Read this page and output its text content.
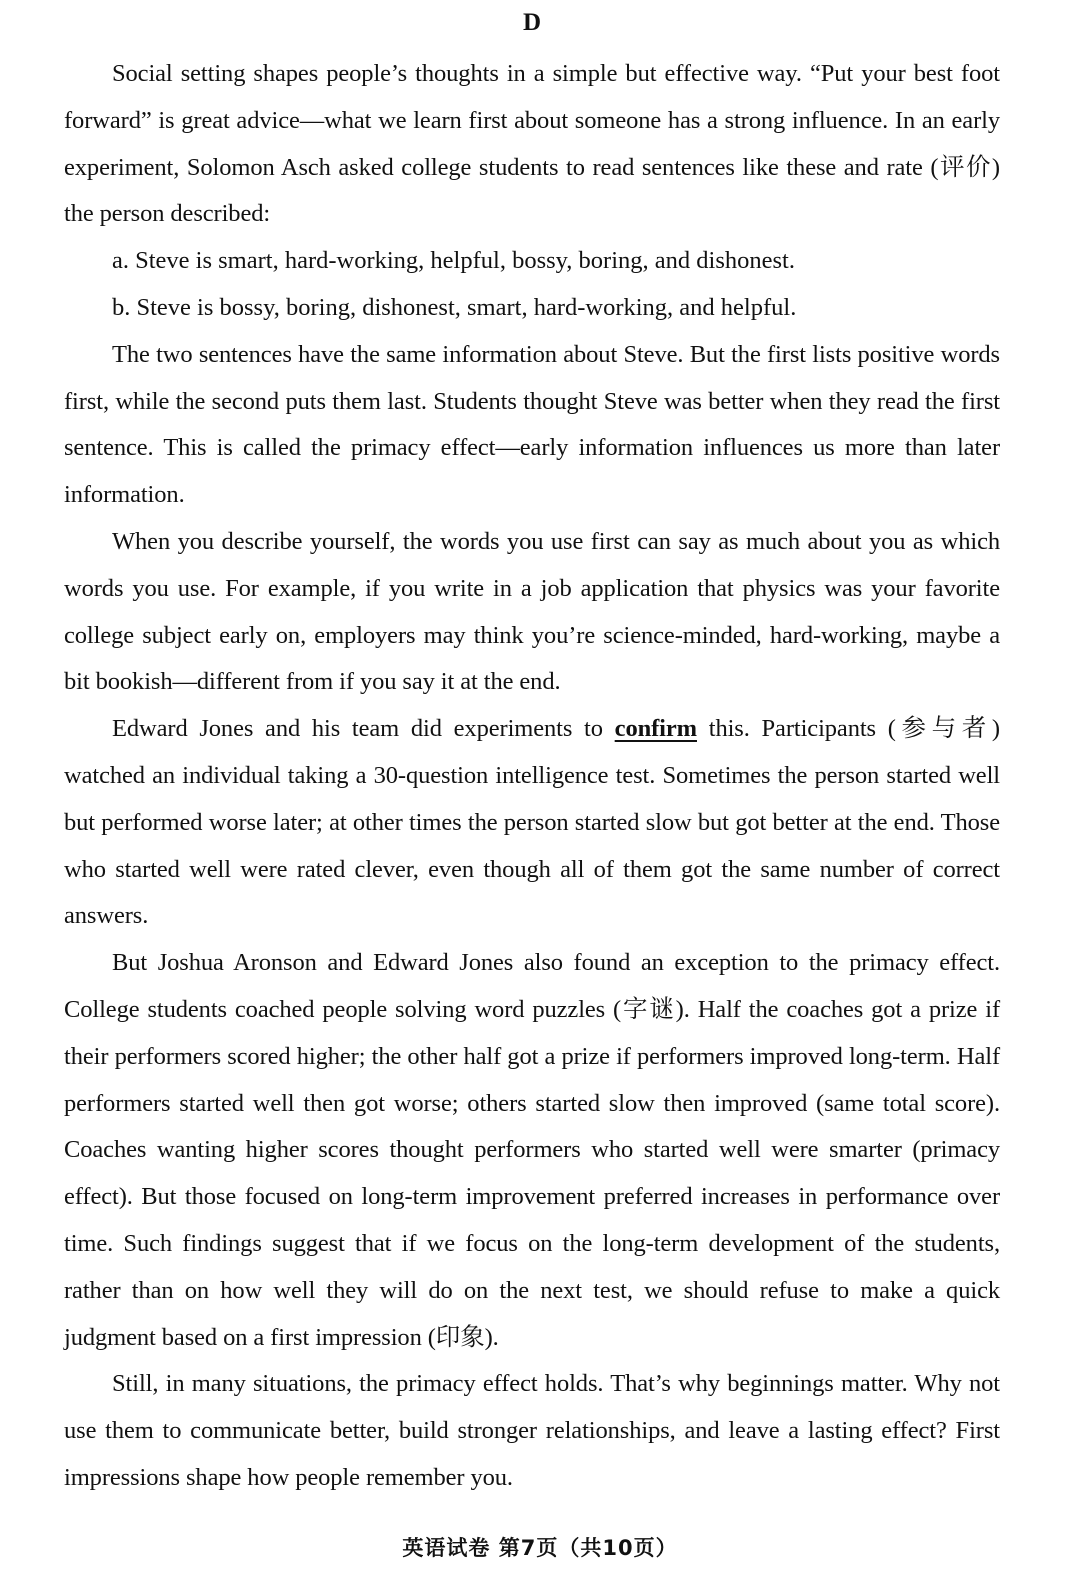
D

Social setting shapes people’s thoughts in a simple but effective way. “Put your best foot forward” is great advice—what we learn first about someone has a strong influence. In an early experiment, Solomon Asch asked college students to read sentences like these and rate (评价) the person described:

a. Steve is smart, hard-working, helpful, bossy, boring, and dishonest.

b. Steve is bossy, boring, dishonest, smart, hard-working, and helpful.

The two sentences have the same information about Steve. But the first lists positive words first, while the second puts them last. Students thought Steve was better when they read the first sentence. This is called the primacy effect—early information influences us more than later information.

When you describe yourself, the words you use first can say as much about you as which words you use. For example, if you write in a job application that physics was your favorite college subject early on, employers may think you’re science-minded, hard-working, maybe a bit bookish—different from if you say it at the end.

Edward Jones and his team did experiments to confirm this. Participants (参与者) watched an individual taking a 30-question intelligence test. Sometimes the person started well but performed worse later; at other times the person started slow but got better at the end. Those who started well were rated clever, even though all of them got the same number of correct answers.

But Joshua Aronson and Edward Jones also found an exception to the primacy effect. College students coached people solving word puzzles (字谜). Half the coaches got a prize if their performers scored higher; the other half got a prize if performers improved long-term. Half performers started well then got worse; others started slow then improved (same total score). Coaches wanting higher scores thought performers who started well were smarter (primacy effect). But those focused on long-term improvement preferred increases in performance over time. Such findings suggest that if we focus on the long-term development of the students, rather than on how well they will do on the next test, we should refuse to make a quick judgment based on a first impression (印象).

Still, in many situations, the primacy effect holds. That’s why beginnings matter. Why not use them to communicate better, build stronger relationships, and leave a lasting effect? First impressions shape how people remember you.

英语试卷 第7页（共10页）
